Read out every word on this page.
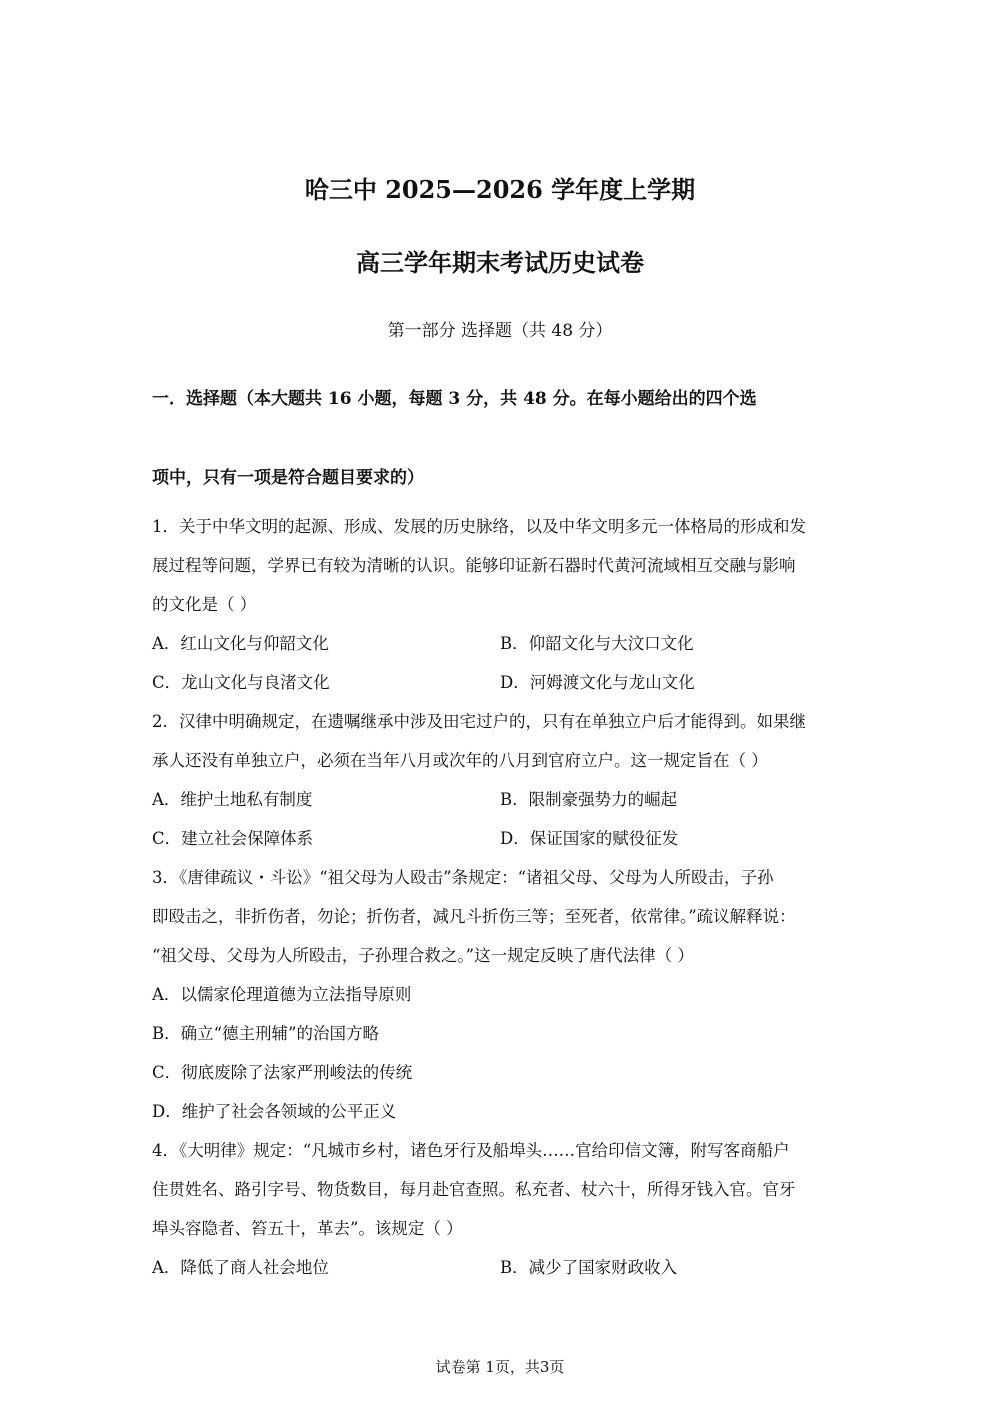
哈三中 2025—2026 学年度上学期
高三学年期末考试历史试卷
第一部分 选择题（共 48 分）
一．选择题（本大题共 16 小题，每题 3 分，共 48 分。在每小题给出的四个选
项中，只有一项是符合题目要求的）
1．关于中华文明的起源、形成、发展的历史脉络，以及中华文明多元一体格局的形成和发
展过程等问题，学界已有较为清晰的认识。能够印证新石器时代黄河流域相互交融与影响
的文化是（ ）
A．红山文化与仰韶文化	B．仰韶文化与大汶口文化
C．龙山文化与良渚文化	D．河姆渡文化与龙山文化
2．汉律中明确规定，在遗嘱继承中涉及田宅过户的，只有在单独立户后才能得到。如果继
承人还没有单独立户，必须在当年八月或次年的八月到官府立户。这一规定旨在（ ）
A．维护土地私有制度	B．限制豪强势力的崛起
C．建立社会保障体系	D．保证国家的赋役征发
3．《唐律疏议・斗讼》“祖父母为人殴击”条规定：“诸祖父母、父母为人所殴击，子孙
即殴击之，非折伤者，勿论；折伤者，减凡斗折伤三等；至死者，依常律。”疏议解释说：
“祖父母、父母为人所殴击，子孙理合救之。”这一规定反映了唐代法律（ ）
A．以儒家伦理道德为立法指导原则
B．确立“德主刑辅”的治国方略
C．彻底废除了法家严刑峻法的传统
D．维护了社会各领域的公平正义
4．《大明律》规定：“凡城市乡村，诸色牙行及船埠头……官给印信文簿，附写客商船户
住贯姓名、路引字号、物货数目，每月赴官查照。私充者、杖六十，所得牙钱入官。官牙
埠头容隐者、笞五十，革去”。该规定（ ）
A．降低了商人社会地位	B．减少了国家财政收入
试卷第 1页，共3页
